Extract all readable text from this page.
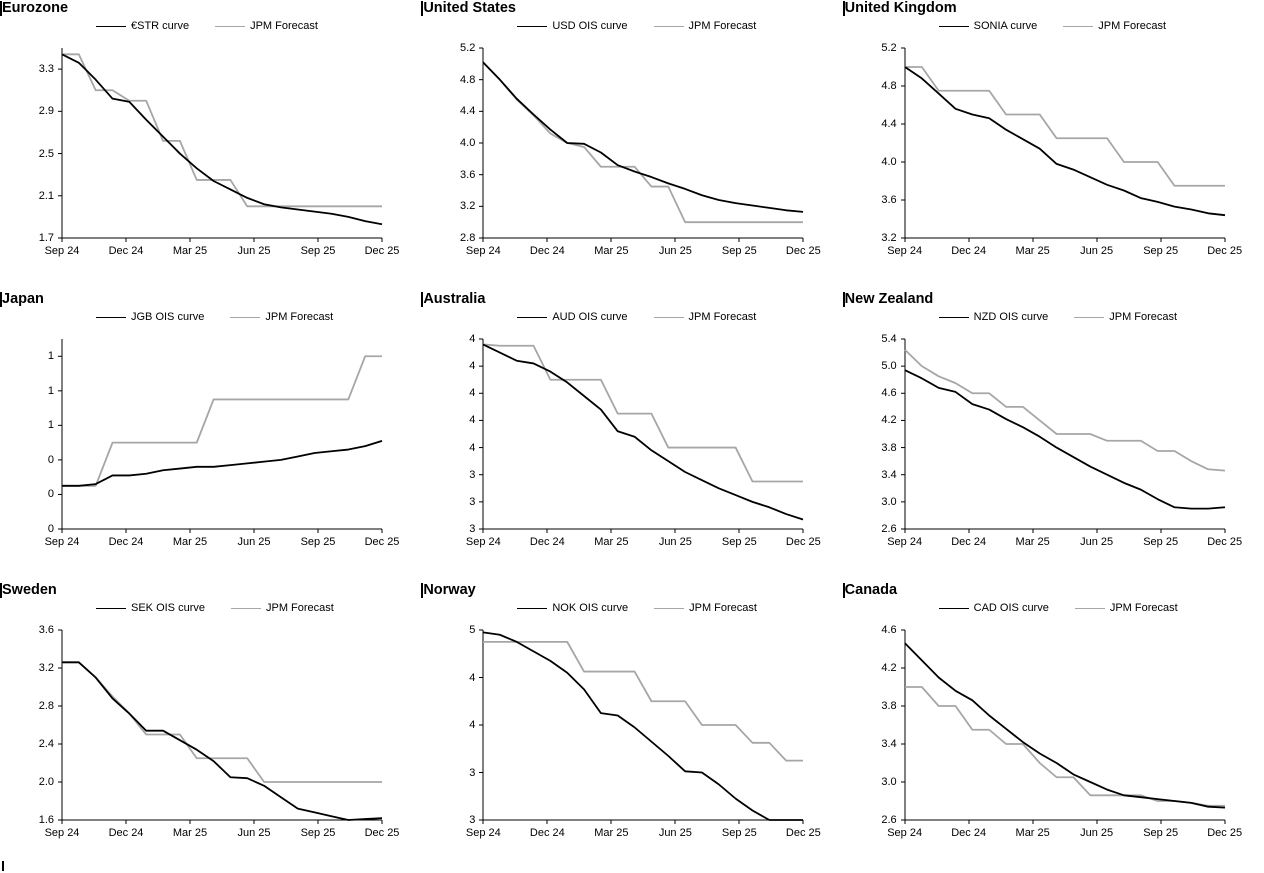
Eurozone
€STR curve	JPM Forecast
1.7
2.1
2.5
2.9
3.3
Sep 24	Dec 24	Mar 25	Jun 25	Sep 25	Dec 25
United States
USD OIS curve	JPM Forecast
2.8
3.2
3.6
4.0
4.4
4.8
5.2
Sep 24	Dec 24	Mar 25	Jun 25	Sep 25	Dec 25
United Kingdom
SONIA curve	JPM Forecast
3.2
3.6
4.0
4.4
4.8
5.2
Sep 24	Dec 24	Mar 25	Jun 25	Sep 25	Dec 25
Japan
JGB OIS curve	JPM Forecast
0
0
0
1
1
1
Sep 24	Dec 24	Mar 25	Jun 25	Sep 25	Dec 25
Australia
AUD OIS curve	JPM Forecast
3
3
3
4
4
4
4
4
Sep 24	Dec 24	Mar 25	Jun 25	Sep 25	Dec 25
New Zealand
NZD OIS curve	JPM Forecast
2.6
3.0
3.4
3.8
4.2
4.6
5.0
5.4
Sep 24	Dec 24	Mar 25	Jun 25	Sep 25	Dec 25
Sweden
SEK OIS curve	JPM Forecast
1.6
2.0
2.4
2.8
3.2
3.6
Sep 24	Dec 24	Mar 25	Jun 25	Sep 25	Dec 25
Norway
NOK OIS curve	JPM Forecast
3
3
4
4
5
Sep 24	Dec 24	Mar 25	Jun 25	Sep 25	Dec 25
Canada
CAD OIS curve	JPM Forecast
2.6
3.0
3.4
3.8
4.2
4.6
Sep 24	Dec 24	Mar 25	Jun 25	Sep 25	Dec 25
